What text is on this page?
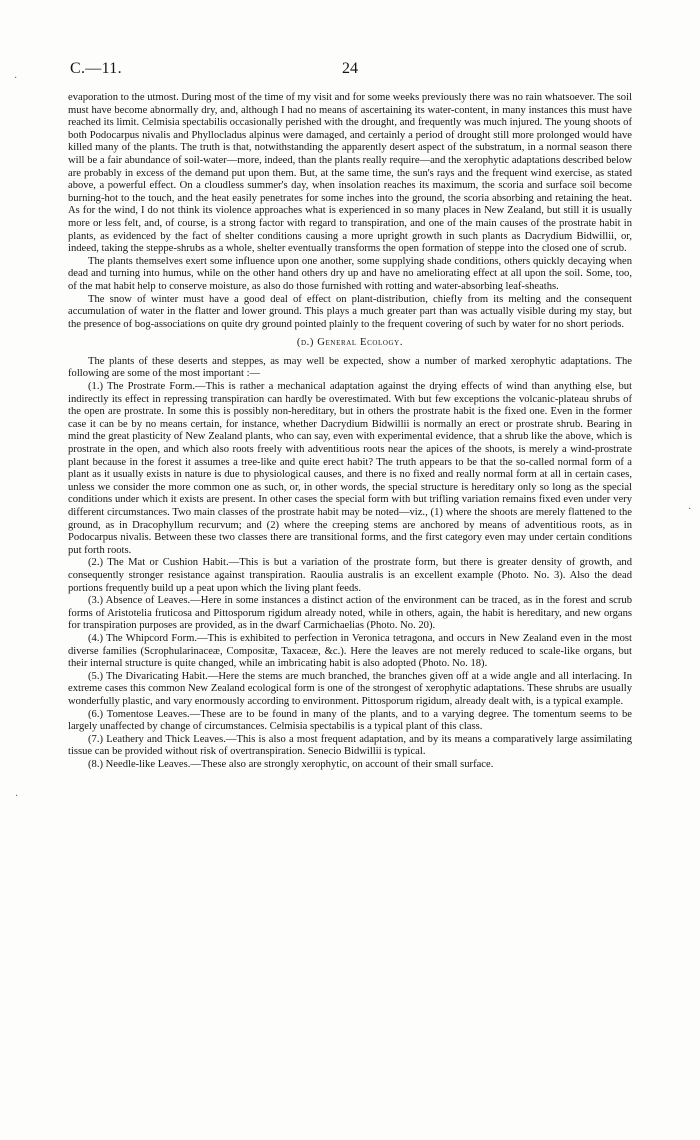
C.—11.	24
·
·
·

evaporation to the utmost. During most of the time of my visit and for some weeks previously there was no rain whatsoever. The soil must have become abnormally dry, and, although I had no means of ascertaining its water-content, in many instances this must have reached its limit. Celmisia spectabilis occasionally perished with the drought, and frequently was much injured. The young shoots of both Podocarpus nivalis and Phyllocladus alpinus were damaged, and certainly a period of drought still more prolonged would have killed many of the plants. The truth is that, notwithstanding the apparently desert aspect of the substratum, in a normal season there will be a fair abundance of soil-water—more, indeed, than the plants really require—and the xerophytic adaptations described below are probably in excess of the demand put upon them. But, at the same time, the sun's rays and the frequent wind exercise, as stated above, a powerful effect. On a cloudless summer's day, when insolation reaches its maximum, the scoria and surface soil become burning-hot to the touch, and the heat easily penetrates for some inches into the ground, the scoria absorbing and retaining the heat. As for the wind, I do not think its violence approaches what is experienced in so many places in New Zealand, but still it is usually more or less felt, and, of course, is a strong factor with regard to transpiration, and one of the main causes of the prostrate habit in plants, as evidenced by the fact of shelter conditions causing a more upright growth in such plants as Dacrydium Bidwillii, or, indeed, taking the steppe-shrubs as a whole, shelter eventually transforms the open formation of steppe into the closed one of scrub.

The plants themselves exert some influence upon one another, some supplying shade conditions, others quickly decaying when dead and turning into humus, while on the other hand others dry up and have no ameliorating effect at all upon the soil. Some, too, of the mat habit help to conserve moisture, as also do those furnished with rotting and water-absorbing leaf-sheaths.

The snow of winter must have a good deal of effect on plant-distribution, chiefly from its melting and the consequent accumulation of water in the flatter and lower ground. This plays a much greater part than was actually visible during my stay, but the presence of bog-associations on quite dry ground pointed plainly to the frequent covering of such by water for no short periods.

(d.) General Ecology.

The plants of these deserts and steppes, as may well be expected, show a number of marked xerophytic adaptations. The following are some of the most important :—

(1.) The Prostrate Form.—This is rather a mechanical adaptation against the drying effects of wind than anything else, but indirectly its effect in repressing transpiration can hardly be overestimated. With but few exceptions the volcanic-plateau shrubs of the open are prostrate. In some this is possibly non-hereditary, but in others the prostrate habit is the fixed one. Even in the former case it can be by no means certain, for instance, whether Dacrydium Bidwillii is normally an erect or prostrate shrub. Bearing in mind the great plasticity of New Zealand plants, who can say, even with experimental evidence, that a shrub like the above, which is prostrate in the open, and which also roots freely with adventitious roots near the apices of the shoots, is merely a wind-prostrate plant because in the forest it assumes a tree-like and quite erect habit? The truth appears to be that the so-called normal form of a plant as it usually exists in nature is due to physiological causes, and there is no fixed and really normal form at all in certain cases, unless we consider the more common one as such, or, in other words, the special structure is hereditary only so long as the special conditions under which it exists are present. In other cases the special form with but trifling variation remains fixed even under very different circumstances. Two main classes of the prostrate habit may be noted—viz., (1) where the shoots are merely flattened to the ground, as in Dracophyllum recurvum; and (2) where the creeping stems are anchored by means of adventitious roots, as in Podocarpus nivalis. Between these two classes there are transitional forms, and the first category even may under certain conditions put forth roots.

(2.) The Mat or Cushion Habit.—This is but a variation of the prostrate form, but there is greater density of growth, and consequently stronger resistance against transpiration. Raoulia australis is an excellent example (Photo. No. 3). Also the dead portions frequently build up a peat upon which the living plant feeds.

(3.) Absence of Leaves.—Here in some instances a distinct action of the environment can be traced, as in the forest and scrub forms of Aristotelia fruticosa and Pittosporum rigidum already noted, while in others, again, the habit is hereditary, and new organs for transpiration purposes are provided, as in the dwarf Carmichaelias (Photo. No. 20).

(4.) The Whipcord Form.—This is exhibited to perfection in Veronica tetragona, and occurs in New Zealand even in the most diverse families (Scrophularinaceæ, Compositæ, Taxaceæ, &c.). Here the leaves are not merely reduced to scale-like organs, but their internal structure is quite changed, while an imbricating habit is also adopted (Photo. No. 18).

(5.) The Divaricating Habit.—Here the stems are much branched, the branches given off at a wide angle and all interlacing. In extreme cases this common New Zealand ecological form is one of the strongest of xerophytic adaptations. These shrubs are usually wonderfully plastic, and vary enormously according to environment. Pittosporum rigidum, already dealt with, is a typical example.

(6.) Tomentose Leaves.—These are to be found in many of the plants, and to a varying degree. The tomentum seems to be largely unaffected by change of circumstances. Celmisia spectabilis is a typical plant of this class.

(7.) Leathery and Thick Leaves.—This is also a most frequent adaptation, and by its means a comparatively large assimilating tissue can be provided without risk of overtranspiration. Senecio Bidwillii is typical.

(8.) Needle-like Leaves.—These also are strongly xerophytic, on account of their small surface.
